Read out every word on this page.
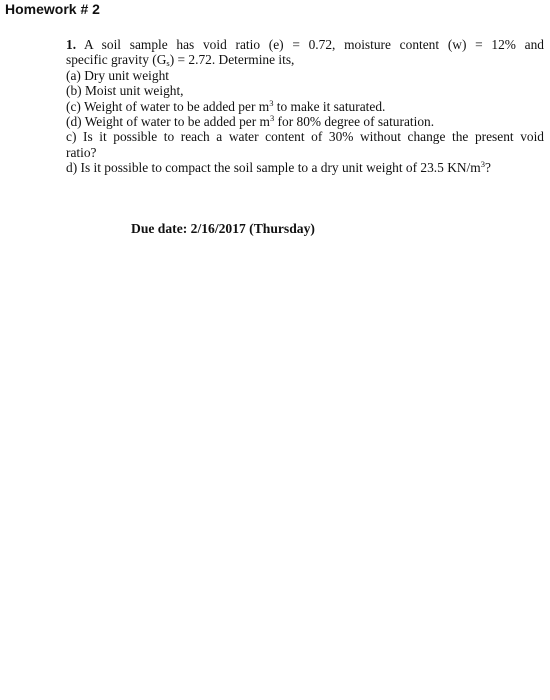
Homework # 2
1. A soil sample has void ratio (e) = 0.72, moisture content (w) = 12% and
specific gravity $(G_s) = 2.72$. Determine its,
(a) Dry unit weight
(b) Moist unit weight,
(c) Weight of water to be added per $m^3$ to make it saturated.
(d) Weight of water to be added per $m^3$ for 80% degree of saturation.
c) Is it possible to reach a water content of 30% without change the present void
ratio?
d) Is it possible to compact the soil sample to a dry unit weight of 23.5 $KN/m^3$?
Due date: 2/16/2017 (Thursday)
